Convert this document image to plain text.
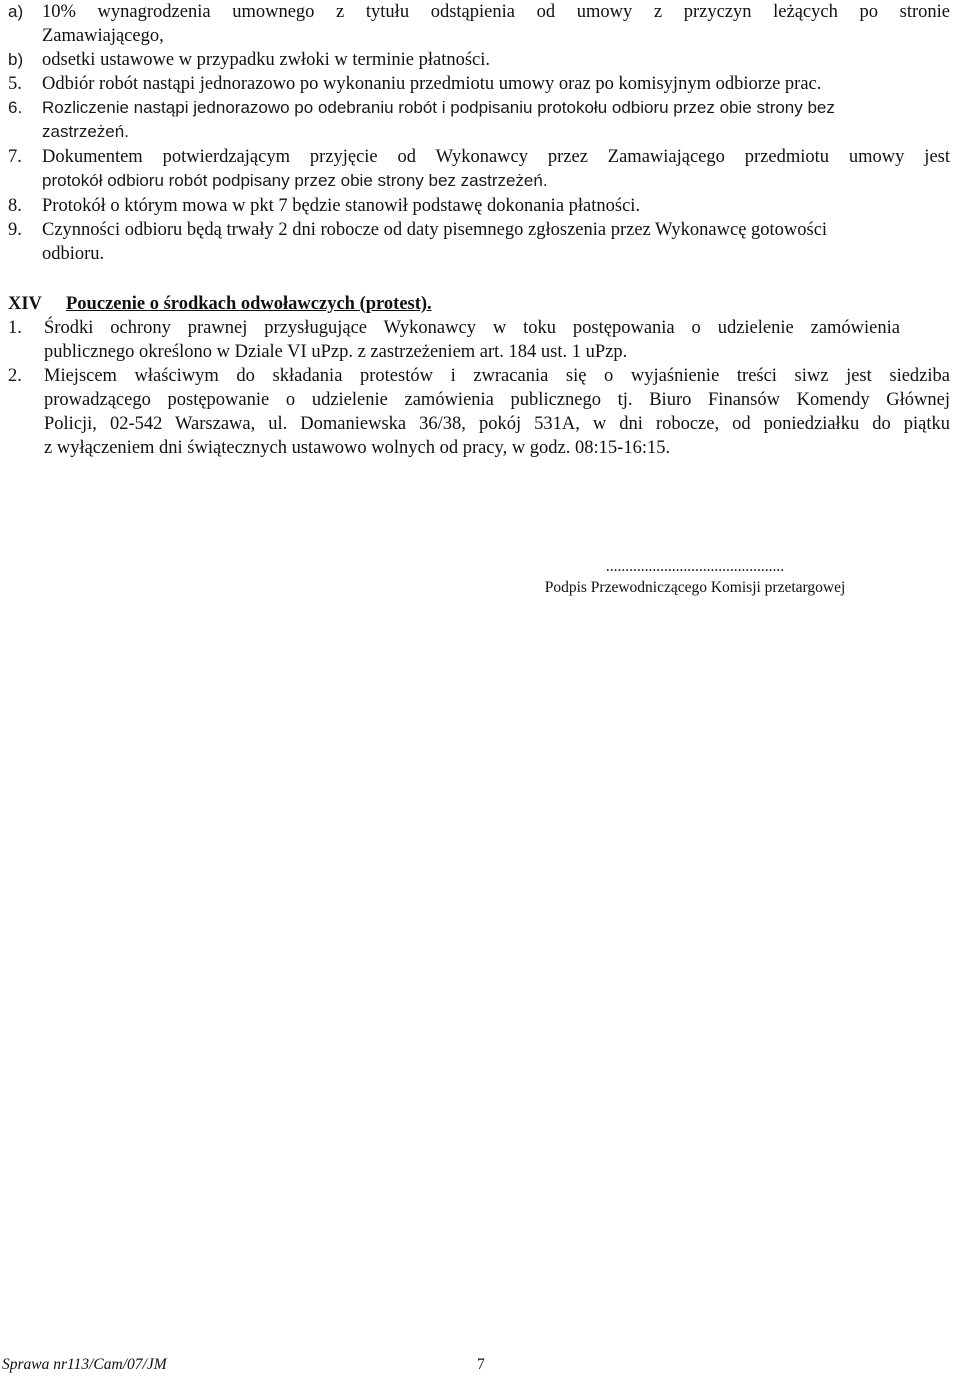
a) 10% wynagrodzenia umownego z tytułu odstąpienia od umowy z przyczyn leżących po stronie
Zamawiającego,
b) odsetki ustawowe w przypadku zwłoki w terminie płatności.
5. Odbiór robót nastąpi jednorazowo po wykonaniu przedmiotu umowy oraz po komisyjnym odbiorze prac.
6. Rozliczenie nastąpi jednorazowo po odebraniu robót i podpisaniu protokołu odbioru przez obie strony bez
zastrzeżeń.
7. Dokumentem potwierdzającym przyjęcie od Wykonawcy przez Zamawiającego przedmiotu umowy jest
protokół odbioru robót podpisany przez obie strony bez zastrzeżeń.
8. Protokół o którym mowa w pkt 7 będzie stanowił podstawę dokonania płatności.
9. Czynności odbioru będą trwały 2 dni robocze od daty pisemnego zgłoszenia przez Wykonawcę gotowości
odbioru.
XIV Pouczenie o środkach odwoławczych (protest).
1. Środki ochrony prawnej przysługujące Wykonawcy w toku postępowania o udzielenie zamówienia
publicznego określono w Dziale VI uPzp. z zastrzeżeniem art. 184 ust. 1 uPzp.
2. Miejscem właściwym do składania protestów i zwracania się o wyjaśnienie treści siwz jest siedziba
prowadzącego postępowanie o udzielenie zamówienia publicznego tj. Biuro Finansów Komendy Głównej
Policji, 02-542 Warszawa, ul. Domaniewska 36/38, pokój 531A, w dni robocze, od poniedziałku do piątku
z wyłączeniem dni świątecznych ustawowo wolnych od pracy, w godz. 08:15-16:15.
..............................................
Podpis Przewodniczącego Komisji przetargowej
Sprawa nr113/Cam/07/JM	7
